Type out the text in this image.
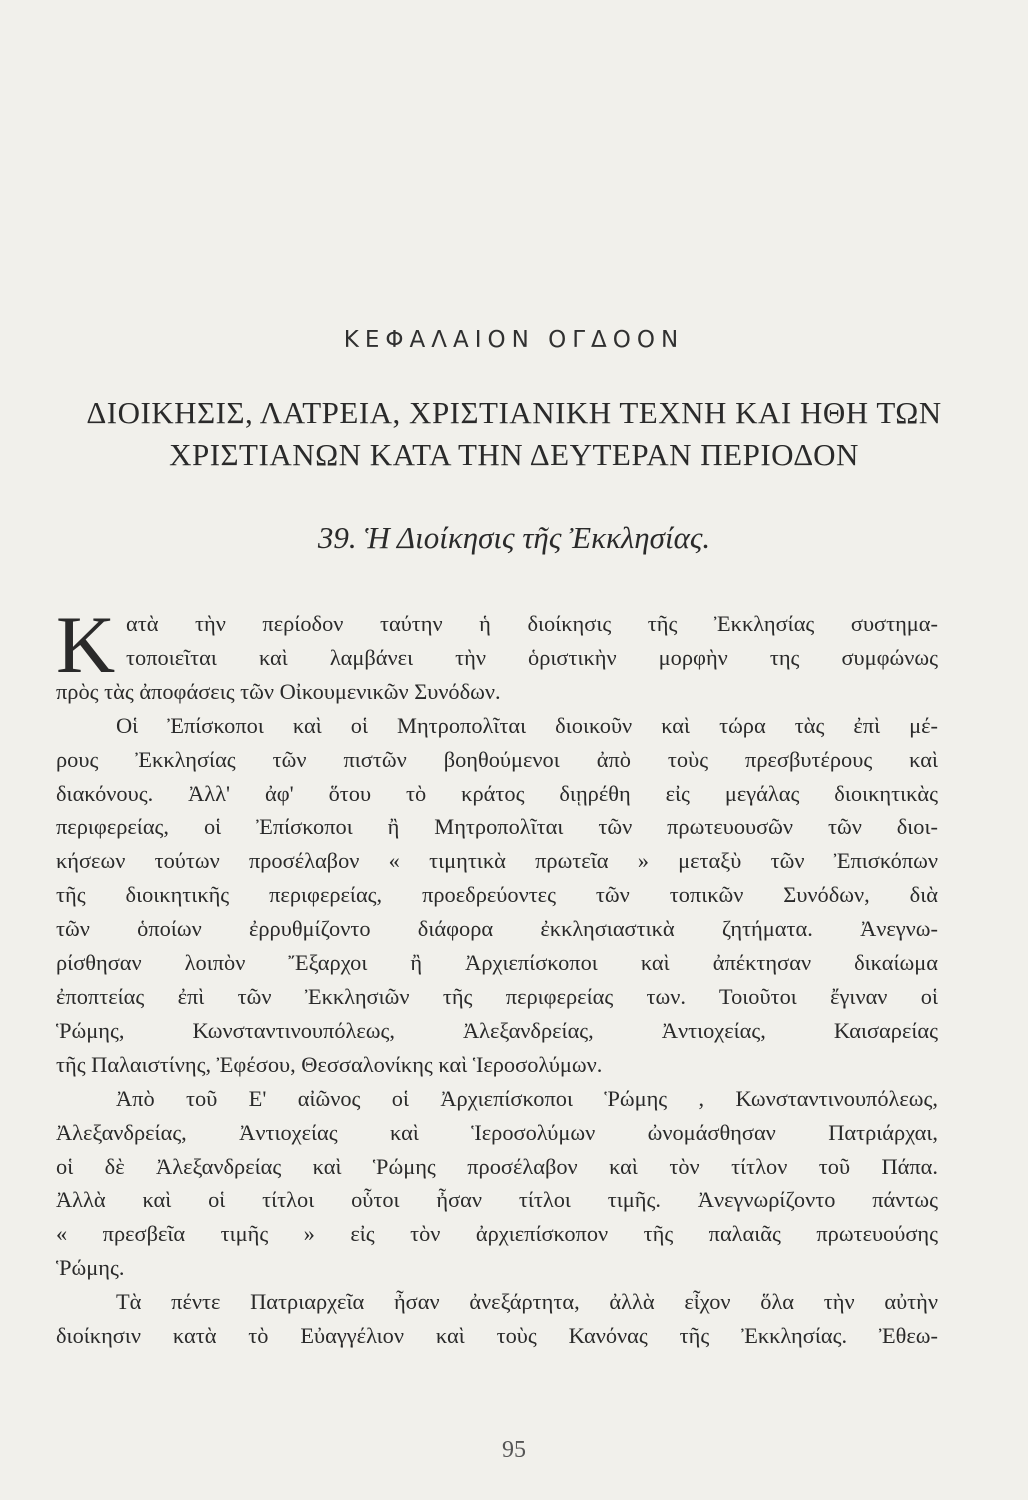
ΚΕΦΑΛΑΙΟΝ ΟΓΔΟΟΝ
ΔΙΟΙΚΗΣΙΣ, ΛΑΤΡΕΙΑ, ΧΡΙΣΤΙΑΝΙΚΗ ΤΕΧΝΗ ΚΑΙ ΗΘΗ ΤΩΝ
ΧΡΙΣΤΙΑΝΩΝ ΚΑΤΑ ΤΗΝ ΔΕΥΤΕΡΑΝ ΠΕΡΙΟΔΟΝ
39. Ἡ Διοίκησις τῆς Ἐκκλησίας.
Κ ατὰ τὴν περίοδον ταύτην ἡ διοίκησις τῆς Ἐκκλησίας συστημα-
τοποιεῖται καὶ λαμβάνει τὴν ὁριστικὴν μορφὴν της συμφώνως
πρὸς τὰς ἀποφάσεις τῶν Οἰκουμενικῶν Συνόδων.
Οἱ Ἐπίσκοποι καὶ οἱ Μητροπολῖται διοικοῦν καὶ τώρα τὰς ἐπὶ μέ-
ρους Ἐκκλησίας τῶν πιστῶν βοηθούμενοι ἀπὸ τοὺς πρεσβυτέρους καὶ
διακόνους. Ἀλλ' ἀφ' ὅτου τὸ κράτος διῃρέθη εἰς μεγάλας διοικητικὰς
περιφερείας, οἱ Ἐπίσκοποι ἢ Μητροπολῖται τῶν πρωτευουσῶν τῶν διοι-
κήσεων τούτων προσέλαβον « τιμητικὰ πρωτεῖα » μεταξὺ τῶν Ἐπισκόπων
τῆς διοικητικῆς περιφερείας, προεδρεύοντες τῶν τοπικῶν Συνόδων, διὰ
τῶν ὁποίων ἐρρυθμίζοντο διάφορα ἐκκλησιαστικὰ ζητήματα. Ἀνεγνω-
ρίσθησαν λοιπὸν Ἔξαρχοι ἢ Ἀρχιεπίσκοποι καὶ ἀπέκτησαν δικαίωμα
ἐποπτείας ἐπὶ τῶν Ἐκκλησιῶν τῆς περιφερείας των. Τοιοῦτοι ἔγιναν οἱ
Ῥώμης, Κωνσταντινουπόλεως, Ἀλεξανδρείας, Ἀντιοχείας, Καισαρείας
τῆς Παλαιστίνης, Ἐφέσου, Θεσσαλονίκης καὶ Ἱεροσολύμων.
Ἀπὸ τοῦ Ε' αἰῶνος οἱ Ἀρχιεπίσκοποι Ῥώμης , Κωνσταντινουπόλεως,
Ἀλεξανδρείας, Ἀντιοχείας καὶ Ἱεροσολύμων ὠνομάσθησαν Πατριάρχαι,
οἱ δὲ Ἀλεξανδρείας καὶ Ῥώμης προσέλαβον καὶ τὸν τίτλον τοῦ Πάπα.
Ἀλλὰ καὶ οἱ τίτλοι οὗτοι ἦσαν τίτλοι τιμῆς. Ἀνεγνωρίζοντο πάντως
« πρεσβεῖα τιμῆς » εἰς τὸν ἀρχιεπίσκοπον τῆς παλαιᾶς πρωτευούσης
Ῥώμης.
Τὰ πέντε Πατριαρχεῖα ἦσαν ἀνεξάρτητα, ἀλλὰ εἶχον ὅλα τὴν αὐτὴν
διοίκησιν κατὰ τὸ Εὐαγγέλιον καὶ τοὺς Κανόνας τῆς Ἐκκλησίας. Ἐθεω-
95
